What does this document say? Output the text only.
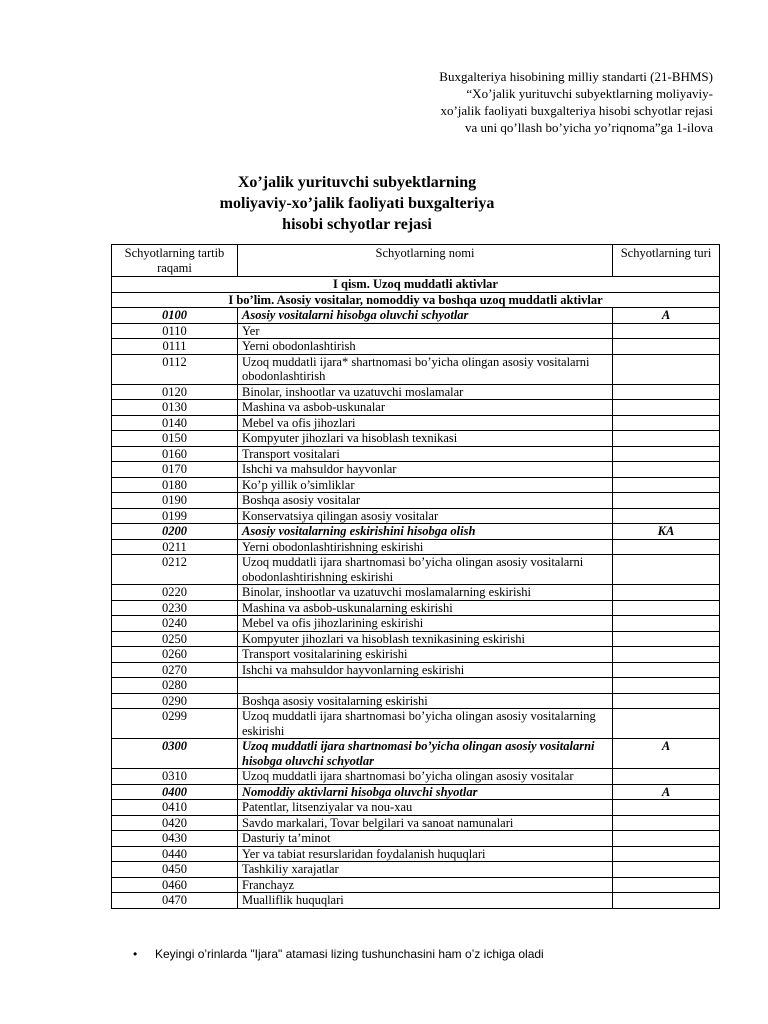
Buxgalteriya hisobining milliy standarti (21-BHMS)
“Xo’jalik yurituvchi subyektlarning moliyaviy-
xo’jalik faoliyati buxgalteriya hisobi schyotlar rejasi
va uni qo’llash bo’yicha yo’riqnoma”ga 1-ilova
Xo’jalik yurituvchi subyektlarning
moliyaviy-xo’jalik faoliyati buxgalteriya
hisobi schyotlar rejasi
Schyotlarning tartib raqami	Schyotlarning nomi	Schyotlarning turi
I qism. Uzoq muddatli aktivlar		
I bo’lim. Asosiy vositalar, nomoddiy va boshqa uzoq muddatli aktivlar		
0100	Asosiy vositalarni hisobga oluvchi schyotlar	A
0110	Yer	
0111	Yerni obodonlashtirish	
0112	Uzoq muddatli ijara* shartnomasi bo’yicha olingan asosiy vositalarni obodonlashtirish	
0120	Binolar, inshootlar va uzatuvchi moslamalar	
0130	Mashina va asbob-uskunalar	
0140	Mebel va ofis jihozlari	
0150	Kompyuter jihozlari va hisoblash texnikasi	
0160	Transport vositalari	
0170	Ishchi va mahsuldor hayvonlar	
0180	Ko’p yillik o’simliklar	
0190	Boshqa asosiy vositalar	
0199	Konservatsiya qilingan asosiy vositalar	
0200	Asosiy vositalarning eskirishini hisobga olish	KA
0211	Yerni obodonlashtirishning eskirishi	
0212	Uzoq muddatli ijara shartnomasi bo’yicha olingan asosiy vositalarni obodonlashtirishning eskirishi	
0220	Binolar, inshootlar va uzatuvchi moslamalarning eskirishi	
0230	Mashina va asbob-uskunalarning eskirishi	
0240	Mebel va ofis jihozlarining eskirishi	
0250	Kompyuter jihozlari va hisoblash texnikasining eskirishi	
0260	Transport vositalarining eskirishi	
0270	Ishchi va mahsuldor hayvonlarning eskirishi	
0280		
0290	Boshqa asosiy vositalarning eskirishi	
0299	Uzoq muddatli ijara shartnomasi bo’yicha olingan asosiy vositalarning eskirishi	
0300	Uzoq muddatli ijara shartnomasi bo’yicha olingan asosiy vositalarni hisobga oluvchi schyotlar	A
0310	Uzoq muddatli ijara shartnomasi bo’yicha olingan asosiy vositalar	
0400	Nomoddiy aktivlarni hisobga oluvchi shyotlar	A
0410	Patentlar, litsenziyalar va nou-xau	
0420	Savdo markalari, Tovar belgilari va sanoat namunalari	
0430	Dasturiy ta’minot	
0440	Yer va tabiat resurslaridan foydalanish huquqlari	
0450	Tashkiliy xarajatlar	
0460	Franchayz	
0470	Mualliflik huquqlari	
• Keyingi o’rinlarda "Ijara" atamasi lizing tushunchasini ham o’z ichiga oladi
